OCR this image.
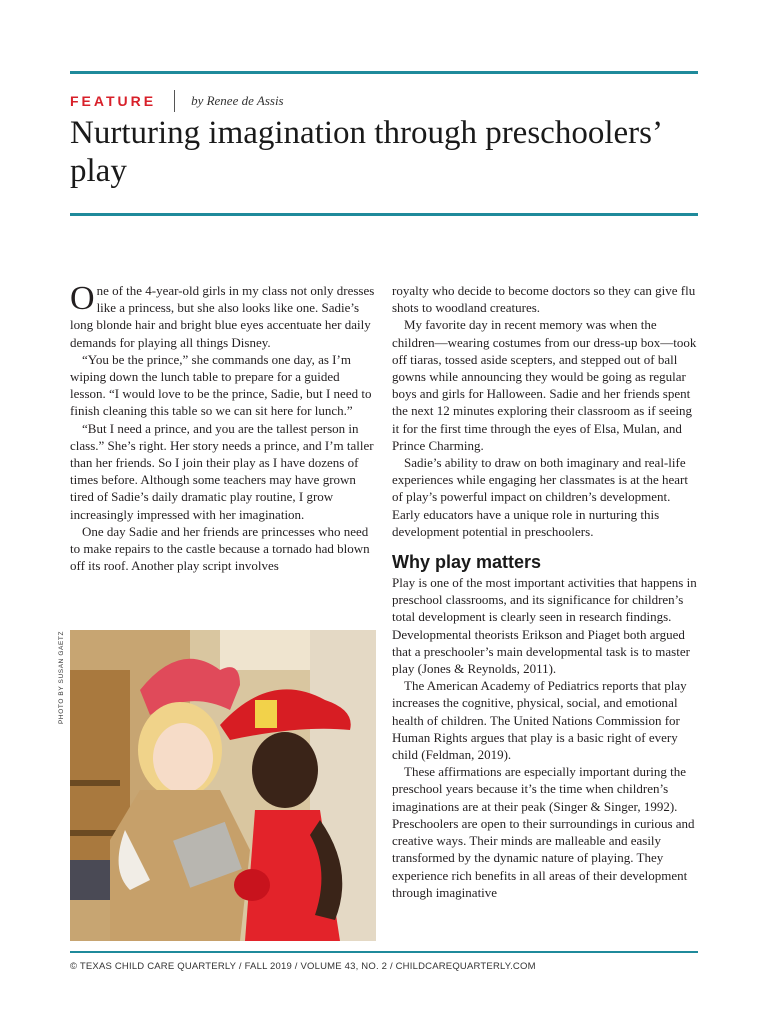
FEATURE	by Renee de Assis
Nurturing imagination through preschoolers’ play

One of the 4-year-old girls in my class not only dresses like a princess, but she also looks like one. Sadie’s long blonde hair and bright blue eyes accentuate her daily demands for playing all things Disney.

“You be the prince,” she commands one day, as I’m wiping down the lunch table to prepare for a guided lesson. “I would love to be the prince, Sadie, but I need to finish cleaning this table so we can sit here for lunch.”

“But I need a prince, and you are the tallest person in class.” She’s right. Her story needs a prince, and I’m taller than her friends. So I join their play as I have dozens of times before. Although some teachers may have grown tired of Sadie’s daily dramatic play routine, I grow increasingly impressed with her imagination.

One day Sadie and her friends are princesses who need to make repairs to the castle because a tornado had blown off its roof. Another play script involves

PHOTO BY SUSAN GAETZ

royalty who decide to become doctors so they can give flu shots to woodland creatures.

My favorite day in recent memory was when the children—wearing costumes from our dress-up box—took off tiaras, tossed aside scepters, and stepped out of ball gowns while announcing they would be going as regular boys and girls for Halloween. Sadie and her friends spent the next 12 minutes exploring their classroom as if seeing it for the first time through the eyes of Elsa, Mulan, and Prince Charming.

Sadie’s ability to draw on both imaginary and real-life experiences while engaging her classmates is at the heart of play’s powerful impact on children’s development. Early educators have a unique role in nurturing this development potential in preschoolers.

Why play matters

Play is one of the most important activities that happens in preschool classrooms, and its significance for children’s total development is clearly seen in research findings. Developmental theorists Erikson and Piaget both argued that a preschooler’s main developmental task is to master play (Jones & Reynolds, 2011).

The American Academy of Pediatrics reports that play increases the cognitive, physical, social, and emotional health of children. The United Nations Commission for Human Rights argues that play is a basic right of every child (Feldman, 2019).

These affirmations are especially important during the preschool years because it’s the time when children’s imaginations are at their peak (Singer & Singer, 1992). Preschoolers are open to their surroundings in curious and creative ways. Their minds are malleable and easily transformed by the dynamic nature of playing. They experience rich benefits in all areas of their development through imaginative

© TEXAS CHILD CARE QUARTERLY / FALL 2019 / VOLUME 43, NO. 2 / CHILDCAREQUARTERLY.COM
